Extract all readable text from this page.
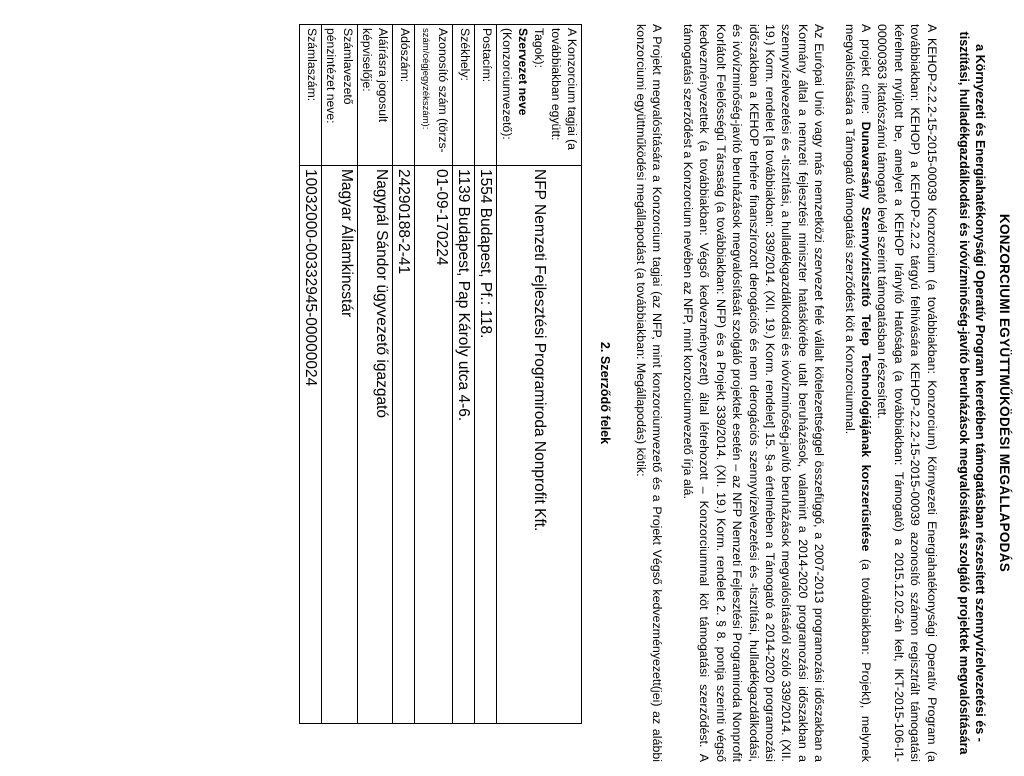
KONZORCIUMI EGYÜTTMŰKÖDÉSI MEGÁLLAPODÁS
a Környezeti és Energiahatékonysági Operatív Program keretében támogatásban részesített szennyvízelvezetési és -tisztítási, hulladékgazdálkodási és ivóvízminőség-javító beruházások megvalósítását szolgáló projektek megvalósítására

A KEHOP-2.2.2-15-2015-00039 Konzorcium (a továbbiakban: Konzorcium) Környezeti Energiahatékonysági Operatív Program (a továbbiakban: KEHOP) a KEHOP-2.2.2 tárgyú felhívására KEHOP-2.2.2-15-2015-00039 azonosító számon regisztrált támogatási kérelmet nyújtott be, amelyet a KEHOP Irányító Hatósága (a továbbiakban: Támogató) a 2015.12.02-án kelt, IKT-2015-106-I1-00000363 iktatószámú támogató levél szerint támogatásban részesített.

A projekt címe: Dunavarsány Szennyvíztisztító Telep Technológiájának korszerűsítése (a továbbiakban: Projekt), melynek megvalósítására a Támogató támogatási szerződést köt a Konzorciummal.

Az Európai Unió vagy más nemzetközi szervezet felé vállalt kötelezettséggel összefüggő, a 2007-2013 programozási időszakban a Kormány által a nemzeti fejlesztési miniszter hatáskörébe utalt beruházások, valamint a 2014-2020 programozási időszakban a szennyvízelvezetési és -tisztítási, a hulladékgazdálkodási és ivóvízminőség-javító beruházások megvalósításáról szóló 339/2014. (XII. 19.) Korm. rendelet [a továbbiakban: 339/2014. (XII. 19.) Korm. rendelet] 15. §-a értelmében a Támogató a 2014-2020 programozási időszakban a KEHOP terhére finanszírozott derogációs és nem derogációs szennyvízelvezetési és -tisztítási, hulladékgazdálkodási, és ivóvízminőség-javító beruházások megvalósítását szolgáló projektek esetén – az NFP Nemzeti Fejlesztési Programiroda Nonprofit Korlátolt Felelősségű Társaság (a továbbiakban: NFP) és a Projekt 339/2014. (XII. 19.) Korm. rendelet 2. § 8. pontja szerinti végső kedvezményezettek (a továbbiakban: Végső kedvezményezett) által létrehozott – Konzorciummal köt támogatási szerződést. A támogatási szerződést a Konzorcium nevében az NFP, mint konzorciumvezető írja alá.

A Projekt megvalósítására a Konzorcium tagjai (az NFP, mint konzorciumvezető és a Projekt Végső kedvezményezett(jei) az alábbi konzorciumi együttműködési megállapodást (a továbbiakban: Megállapodás) kötik:

2. Szerződő felek
A Konzorcium tagjai (a továbbiakban együtt: Tagok):
Szervezet neve
(Konzorciumvezető):	NFP Nemzeti Fejlesztési Programiroda Nonprofit Kft.
Postacím:	1554 Budapest, Pf.: 118.
Székhely:	1139 Budapest, Pap Károly utca 4-6.
Azonosító szám (törzs-
szám/cégjegyzékszám):	01-09-170224
Adószám:	24290188-2-41
Aláírásra jogosult képviselője:	Nagypál Sándor ügyvezető igazgató
Számlavezető pénzintézet neve:	Magyar Államkincstár
Számlaszám:	10032000-00332945-00000024
